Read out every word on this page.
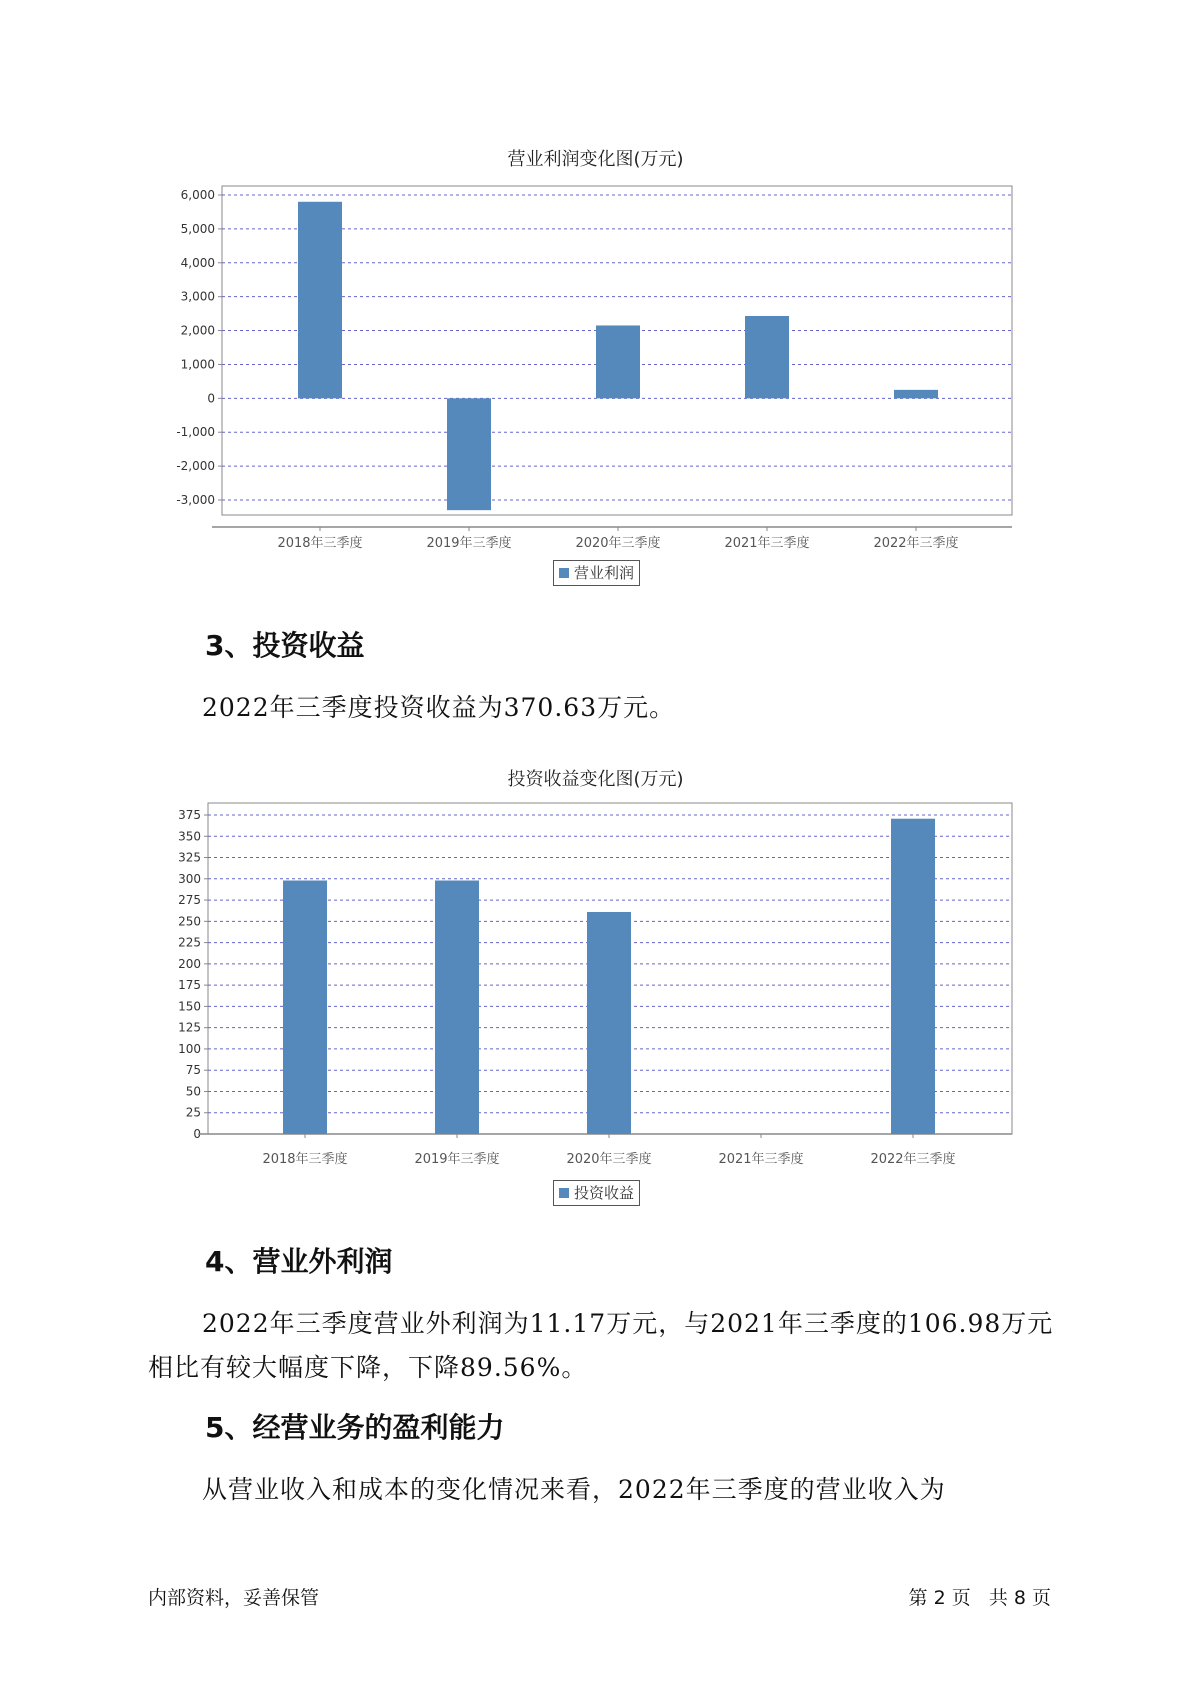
营业利润变化图(万元)
6,000
5,000
4,000
3,000
2,000
1,000
0
-1,000
-2,000
-3,000
2018年三季度	2019年三季度	2020年三季度	2021年三季度	2022年三季度
营业利润
3、投资收益
2022年三季度投资收益为370.63万元。
投资收益变化图(万元)
375
350
325
300
275
250
225
200
175
150
125
100
75
50
25
0
2018年三季度	2019年三季度	2020年三季度	2021年三季度	2022年三季度
投资收益
4、营业外利润
2022年三季度营业外利润为11.17万元，与2021年三季度的106.98万元
相比有较大幅度下降，下降89.56%。
5、经营业务的盈利能力
从营业收入和成本的变化情况来看，2022年三季度的营业收入为
内部资料，妥善保管	第 2 页   共 8 页
